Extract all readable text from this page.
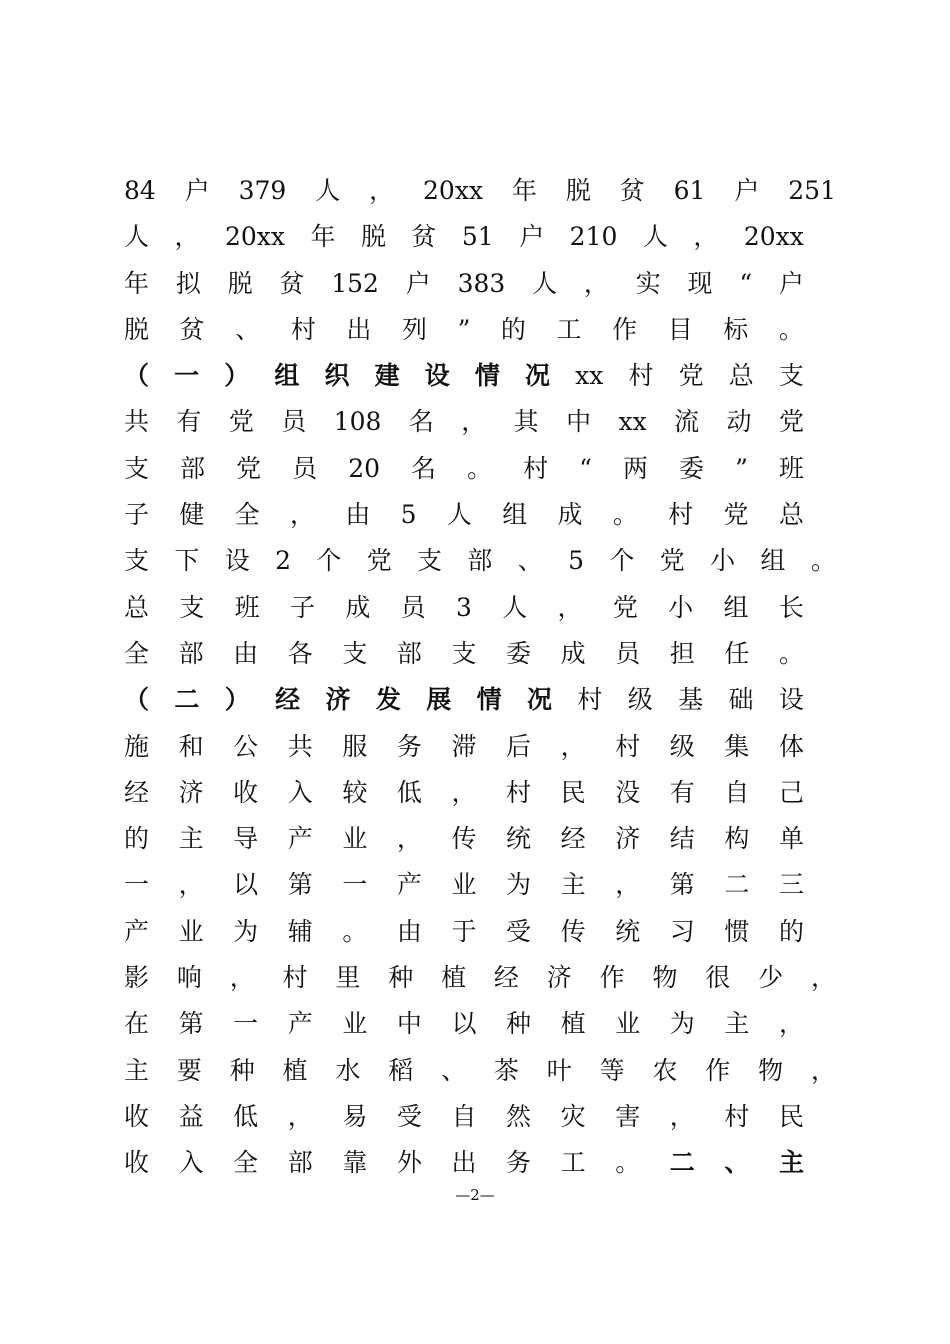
84 户 379 人 ， 20xx 年 脱 贫 61 户 251
人 ， 20xx 年 脱 贫 51 户 210 人 ， 20xx
年 拟 脱 贫 152 户 383 人 ， 实 现 “ 户
脱 贫 、 村 出 列 ” 的 工 作 目 标 。
（ 一 ） 组 织 建 设 情 况 xx 村 党 总 支
共 有 党 员 108 名 ， 其 中 xx 流 动 党
支 部 党 员 20 名 。 村 “ 两 委 ” 班
子 健 全 ， 由 5 人 组 成 。 村 党 总
支 下 设 2 个 党 支 部 、 5 个 党 小 组 。
总 支 班 子 成 员 3 人 ， 党 小 组 长
全 部 由 各 支 部 支 委 成 员 担 任 。
（ 二 ） 经 济 发 展 情 况 村 级 基 础 设
施 和 公 共 服 务 滞 后 ， 村 级 集 体
经 济 收 入 较 低 ， 村 民 没 有 自 己
的 主 导 产 业 ， 传 统 经 济 结 构 单
一 ， 以 第 一 产 业 为 主 ， 第 二 三
产 业 为 辅 。 由 于 受 传 统 习 惯 的
影 响 ， 村 里 种 植 经 济 作 物 很 少 ，
在 第 一 产 业 中 以 种 植 业 为 主 ，
主 要 种 植 水 稻 、 茶 叶 等 农 作 物 ，
收 益 低 ， 易 受 自 然 灾 害 ， 村 民
收 入 全 部 靠 外 出 务 工 。 二 、 主
—2—
